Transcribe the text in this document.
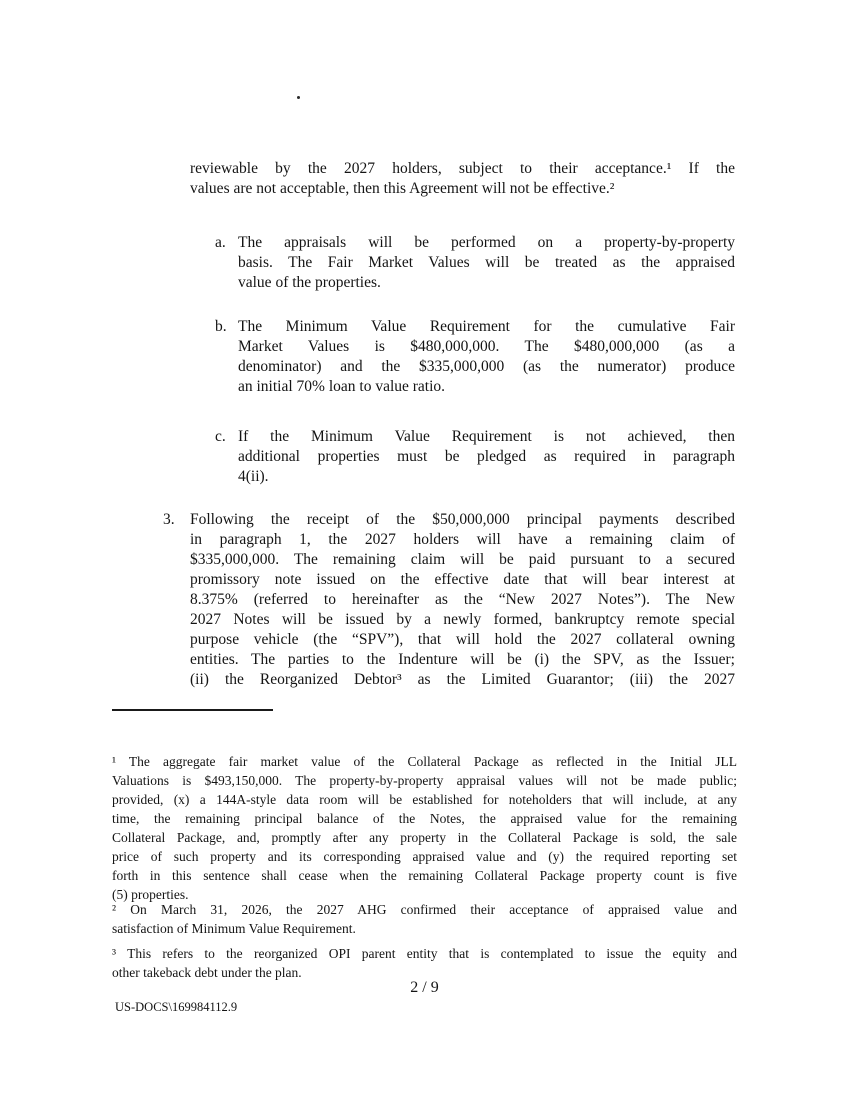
reviewable by the 2027 holders, subject to their acceptance.¹ If the
values are not acceptable, then this Agreement will not be effective.²
a. The appraisals will be performed on a property-by-property
basis. The Fair Market Values will be treated as the appraised
value of the properties.
b. The Minimum Value Requirement for the cumulative Fair
Market Values is $480,000,000. The $480,000,000 (as a
denominator) and the $335,000,000 (as the numerator) produce
an initial 70% loan to value ratio.
c. If the Minimum Value Requirement is not achieved, then
additional properties must be pledged as required in paragraph
4(ii).
3. Following the receipt of the $50,000,000 principal payments described
in paragraph 1, the 2027 holders will have a remaining claim of
$335,000,000. The remaining claim will be paid pursuant to a secured
promissory note issued on the effective date that will bear interest at
8.375% (referred to hereinafter as the “New 2027 Notes”). The New
2027 Notes will be issued by a newly formed, bankruptcy remote special
purpose vehicle (the “SPV”), that will hold the 2027 collateral owning
entities. The parties to the Indenture will be (i) the SPV, as the Issuer;
(ii) the Reorganized Debtor³ as the Limited Guarantor; (iii) the 2027
¹ The aggregate fair market value of the Collateral Package as reflected in the Initial JLL
Valuations is $493,150,000. The property-by-property appraisal values will not be made public;
provided, (x) a 144A-style data room will be established for noteholders that will include, at any
time, the remaining principal balance of the Notes, the appraised value for the remaining
Collateral Package, and, promptly after any property in the Collateral Package is sold, the sale
price of such property and its corresponding appraised value and (y) the required reporting set
forth in this sentence shall cease when the remaining Collateral Package property count is five
(5) properties.
² On March 31, 2026, the 2027 AHG confirmed their acceptance of appraised value and
satisfaction of Minimum Value Requirement.
³ This refers to the reorganized OPI parent entity that is contemplated to issue the equity and
other takeback debt under the plan.
2 / 9
US-DOCS\169984112.9
